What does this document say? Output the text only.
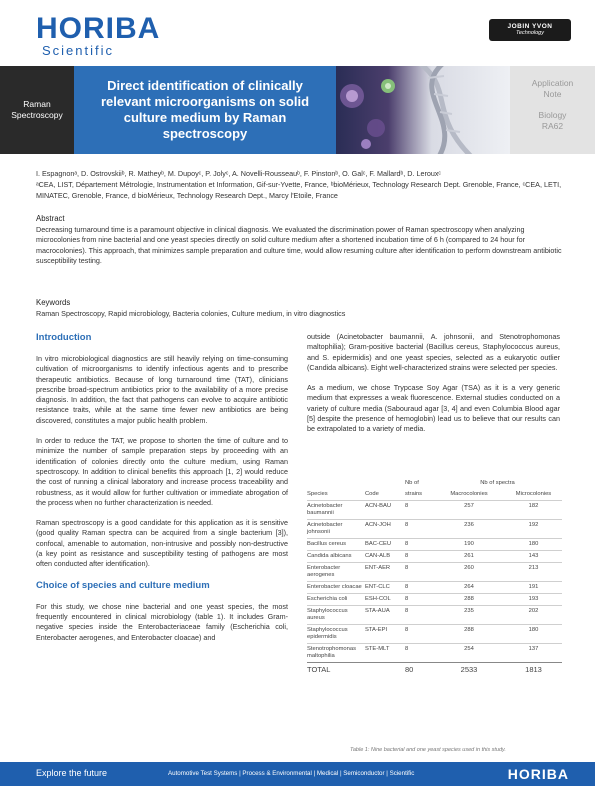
HORIBA
Scientific
JOBIN YVON
Technology
Raman
Spectroscopy
Direct identification of clinically relevant microorganisms on solid culture medium by Raman spectroscopy
Application
Note
Biology
RA62
I. Espagnonᵃ, D. Ostrovskiiᵇ, R. Matheyᵇ, M. Dupoyᶜ, P. Jolyᶜ, A. Novelli-Rousseauᵇ, F. Pinstonᵇ, O. Galᶜ, F. Mallardᵇ, D. Lerouxᶜ
ᵃCEA, LIST, Département Métrologie, Instrumentation et Information, Gif-sur-Yvette, France, ᵇbioMérieux, Technology Research Dept. Grenoble, France, ᶜCEA, LETI, MINATEC, Grenoble, France, d bioMérieux, Technology Research Dept., Marcy l'Etoile, France
Abstract

Decreasing turnaround time is a paramount objective in clinical diagnosis. We evaluated the discrimination power of Raman spectroscopy when analyzing microcolonies from nine bacterial and one yeast species directly on solid culture medium after a shortened incubation time of 6 h (compared to 24 hour for macrocolonies). This approach, that minimizes sample preparation and culture time, would allow resuming culture after identification to perform downstream antibiotic susceptibility testing.

Keywords

Raman Spectroscopy, Rapid microbiology, Bacteria colonies, Culture medium, in vitro diagnostics

Introduction

In vitro microbiological diagnostics are still heavily relying on time-consuming cultivation of microorganisms to identify infectious agents and to prescribe therapeutic antibiotics. Because of long turnaround time (TAT), clinicians prescribe broad-spectrum antibiotics prior to the availability of a more precise diagnosis. In addition, the fact that pathogens can evolve to acquire antibiotic resistance traits, while at the same time fewer new antibiotics are being discovered, constitutes a major public health problem.

In order to reduce the TAT, we propose to shorten the time of culture and to minimize the number of sample preparation steps by proceeding with an identification of colonies directly onto the culture medium, using Raman spectroscopy. In addition to clinical benefits this approach [1, 2] would reduce the cost of running a clinical laboratory and increase process traceability and robustness, as it would allow for further cultivation or immediate abrogation of the process when no further characterization is needed.

Raman spectroscopy is a good candidate for this application as it is sensitive (good quality Raman spectra can be acquired from a single bacterium [3]), confocal, amenable to automation, non-intrusive and possibly non-destructive (a key point as resistance and susceptibility testing of pathogens are most often conducted after identification).

Choice of species and culture medium

For this study, we chose nine bacterial and one yeast species, the most frequently encountered in clinical microbiology (table 1). It includes Gram-negative species inside the Enterobacteriaceae family (Escherichia coli, Enterobacter aerogenes, and Enterobacter cloacae) and

outside (Acinetobacter baumannii, A. johnsonii, and Stenotrophomonas maltophilia); Gram-positive bacterial (Bacillus cereus, Staphylococcus aureus, and S. epidermidis) and one yeast species, selected as a eukaryotic outlier (Candida albicans). Eight well-characterized strains were selected per species.

As a medium, we chose Trypcase Soy Agar (TSA) as it is a very generic medium that expresses a weak fluorescence. External studies conducted on a variety of culture media (Sabouraud agar [3, 4] and even Columbia Blood agar [5] despite the presence of hemoglobin) lead us to believe that our results can be extrapolated to a variety of media.

		Nb of	Nb of spectra	
Species	Code	strains	Macrocolonies	Microcolonies
Acinetobacter baumannii	ACN-BAU	8	257	182
Acinetobacter johnsonii	ACN-JOH	8	236	192
Bacillus cereus	BAC-CEU	8	190	180
Candida albicans	CAN-ALB	8	261	143
Enterobacter aerogenes	ENT-AER	8	260	213
Enterobacter cloacae	ENT-CLC	8	264	191
Escherichia coli	ESH-COL	8	288	193
Staphylococcus aureus	STA-AUA	8	235	202
Staphylococcus epidermidis	STA-EPI	8	288	180
Stenotrophomonas maltophilia	STE-MLT	8	254	137
TOTAL		80	2533	1813
Table 1: Nine bacterial and one yeast species used in this study.
Explore the future	Automotive Test Systems | Process & Environmental | Medical | Semiconductor | Scientific	HORIBA
